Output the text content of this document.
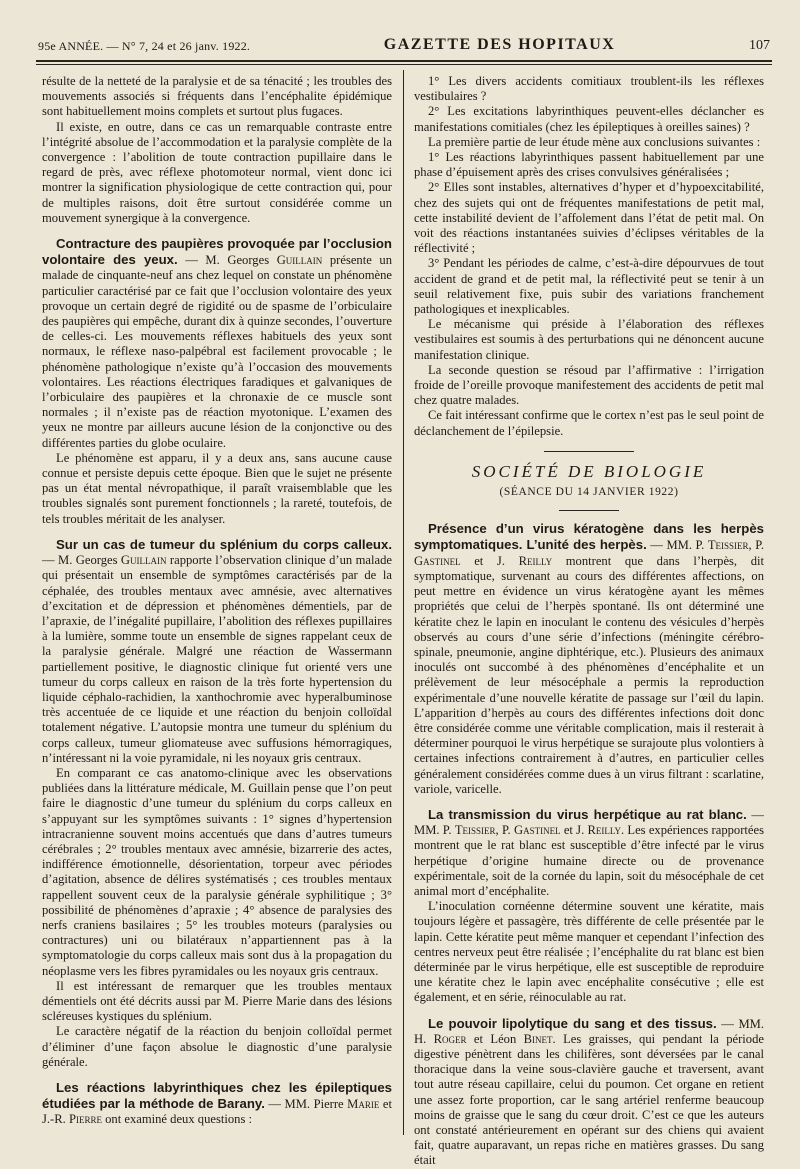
95e ANNÉE. — N° 7, 24 et 26 janv. 1922.	GAZETTE DES HOPITAUX	107

résulte de la netteté de la paralysie et de sa ténacité ; les troubles des mouvements associés si fréquents dans l’encéphalite épidémique sont habituellement moins complets et surtout plus fugaces.

Il existe, en outre, dans ce cas un remarquable contraste entre l’intégrité absolue de l’accommodation et la paralysie complète de la convergence : l’abolition de toute contraction pupillaire dans le regard de près, avec réflexe photomoteur normal, vient donc ici montrer la signification physiologique de cette contraction qui, pour de multiples raisons, doit être surtout considérée comme un mouvement synergique à la convergence.

Contracture des paupières provoquée par l’occlusion volontaire des yeux. — M. Georges Guillain présente un malade de cinquante-neuf ans chez lequel on constate un phénomène particulier caractérisé par ce fait que l’occlusion volontaire des yeux provoque un certain degré de rigidité ou de spasme de l’orbiculaire des paupières qui empêche, durant dix à quinze secondes, l’ouverture de celles-ci. Les mouvements réflexes habituels des yeux sont normaux, le réflexe naso-palpébral est facilement provocable ; le phénomène pathologique n’existe qu’à l’occasion des mouvements volontaires. Les réactions électriques faradiques et galvaniques de l’orbiculaire des paupières et la chronaxie de ce muscle sont normales ; il n’existe pas de réaction myotonique. L’examen des yeux ne montre par ailleurs aucune lésion de la conjonctive ou des différentes parties du globe oculaire.

Le phénomène est apparu, il y a deux ans, sans aucune cause connue et persiste depuis cette époque. Bien que le sujet ne présente pas un état mental névropathique, il paraît vraisemblable que les troubles signalés sont purement fonctionnels ; la rareté, toutefois, de tels troubles méritait de les analyser.

Sur un cas de tumeur du splénium du corps calleux. — M. Georges Guillain rapporte l’observation clinique d’un malade qui présentait un ensemble de symptômes caractérisés par de la céphalée, des troubles mentaux avec amnésie, avec alternatives d’excitation et de dépression et phénomènes démentiels, par de l’apraxie, de l’inégalité pupillaire, l’abolition des réflexes pupillaires à la lumière, somme toute un ensemble de signes rappelant ceux de la paralysie générale. Malgré une réaction de Wassermann partiellement positive, le diagnostic clinique fut orienté vers une tumeur du corps calleux en raison de la très forte hypertension du liquide céphalo-rachidien, la xanthochromie avec hyperalbuminose très accentuée de ce liquide et une réaction du benjoin colloïdal totalement négative. L’autopsie montra une tumeur du splénium du corps calleux, tumeur gliomateuse avec suffusions hémorragiques, n’intéressant ni la voie pyramidale, ni les noyaux gris centraux.

En comparant ce cas anatomo-clinique avec les observations publiées dans la littérature médicale, M. Guillain pense que l’on peut faire le diagnostic d’une tumeur du splénium du corps calleux en s’appuyant sur les symptômes suivants : 1° signes d’hypertension intracranienne souvent moins accentués que dans d’autres tumeurs cérébrales ; 2° troubles mentaux avec amnésie, bizarrerie des actes, indifférence émotionnelle, désorientation, torpeur avec périodes d’agitation, absence de délires systématisés ; ces troubles mentaux rappellent souvent ceux de la paralysie générale syphilitique ; 3° possibilité de phénomènes d’apraxie ; 4° absence de paralysies des nerfs craniens basilaires ; 5° les troubles moteurs (paralysies ou contractures) uni ou bilatéraux n’appartiennent pas à la symptomatologie du corps calleux mais sont dus à la propagation du néoplasme vers les fibres pyramidales ou les noyaux gris centraux.

Il est intéressant de remarquer que les troubles mentaux démentiels ont été décrits aussi par M. Pierre Marie dans des lésions scléreuses kystiques du splénium.

Le caractère négatif de la réaction du benjoin colloïdal permet d’éliminer d’une façon absolue le diagnostic d’une paralysie générale.

Les réactions labyrinthiques chez les épileptiques étudiées par la méthode de Barany. — MM. Pierre Marie et J.-R. Pierre ont examiné deux questions :

1° Les divers accidents comitiaux troublent-ils les réflexes vestibulaires ?

2° Les excitations labyrinthiques peuvent-elles déclancher es manifestations comitiales (chez les épileptiques à oreilles saines) ?

La première partie de leur étude mène aux conclusions suivantes :

1° Les réactions labyrinthiques passent habituellement par une phase d’épuisement après des crises convulsives généralisées ;

2° Elles sont instables, alternatives d’hyper et d’hypoexcitabilité, chez des sujets qui ont de fréquentes manifestations de petit mal, cette instabilité devient de l’affolement dans l’état de petit mal. On voit des réactions instantanées suivies d’éclipses véritables de la réflectivité ;

3° Pendant les périodes de calme, c’est-à-dire dépourvues de tout accident de grand et de petit mal, la réflectivité peut se tenir à un seuil relativement fixe, puis subir des variations franchement pathologiques et inexplicables.

Le mécanisme qui préside à l’élaboration des réflexes vestibulaires est soumis à des perturbations qui ne dénoncent aucune manifestation clinique.

La seconde question se résoud par l’affirmative : l’irrigation froide de l’oreille provoque manifestement des accidents de petit mal chez quatre malades.

Ce fait intéressant confirme que le cortex n’est pas le seul point de déclanchement de l’épilepsie.

SOCIÉTÉ DE BIOLOGIE
(SÉANCE DU 14 JANVIER 1922)

Présence d’un virus kératogène dans les herpès symptomatiques. L’unité des herpès. — MM. P. Teissier, P. Gastinel et J. Reilly montrent que dans l’herpès, dit symptomatique, survenant au cours des différentes affections, on peut mettre en évidence un virus kératogène ayant les mêmes propriétés que celui de l’herpès spontané. Ils ont déterminé une kératite chez le lapin en inoculant le contenu des vésicules d’herpès observés au cours d’une série d’infections (méningite cérébro-spinale, pneumonie, angine diphtérique, etc.). Plusieurs des animaux inoculés ont succombé à des phénomènes d’encéphalite et un prélèvement de leur mésocéphale a permis la reproduction expérimentale d’une nouvelle kératite de passage sur l’œil du lapin. L’apparition d’herpès au cours des différentes infections doit donc être considérée comme une véritable complication, mais il resterait à déterminer pourquoi le virus herpétique se surajoute plus volontiers à certaines infections contrairement à d’autres, en particulier celles généralement considérées comme dues à un virus filtrant : scarlatine, variole, varicelle.

La transmission du virus herpétique au rat blanc. — MM. P. Teissier, P. Gastinel et J. Reilly. Les expériences rapportées montrent que le rat blanc est susceptible d’être infecté par le virus herpétique d’origine humaine directe ou de provenance expérimentale, soit de la cornée du lapin, soit du mésocéphale de cet animal mort d’encéphalite.

L’inoculation cornéenne détermine souvent une kératite, mais toujours légère et passagère, très différente de celle présentée par le lapin. Cette kératite peut même manquer et cependant l’infection des centres nerveux peut être réalisée ; l’encéphalite du rat blanc est bien déterminée par le virus herpétique, elle est susceptible de reproduire une kératite chez le lapin avec encéphalite consécutive ; elle est également, et en série, réinoculable au rat.

Le pouvoir lipolytique du sang et des tissus. — MM. H. Roger et Léon Binet. Les graisses, qui pendant la période digestive pénètrent dans les chilifères, sont déversées par le canal thoracique dans la veine sous-clavière gauche et traversent, avant tout autre réseau capillaire, celui du poumon. Cet organe en retient une assez forte proportion, car le sang artériel renferme beaucoup moins de graisse que le sang du cœur droit. C’est ce que les auteurs ont constaté antérieurement en opérant sur des chiens qui avaient fait, quatre auparavant, un repas riche en matières grasses. Du sang était
